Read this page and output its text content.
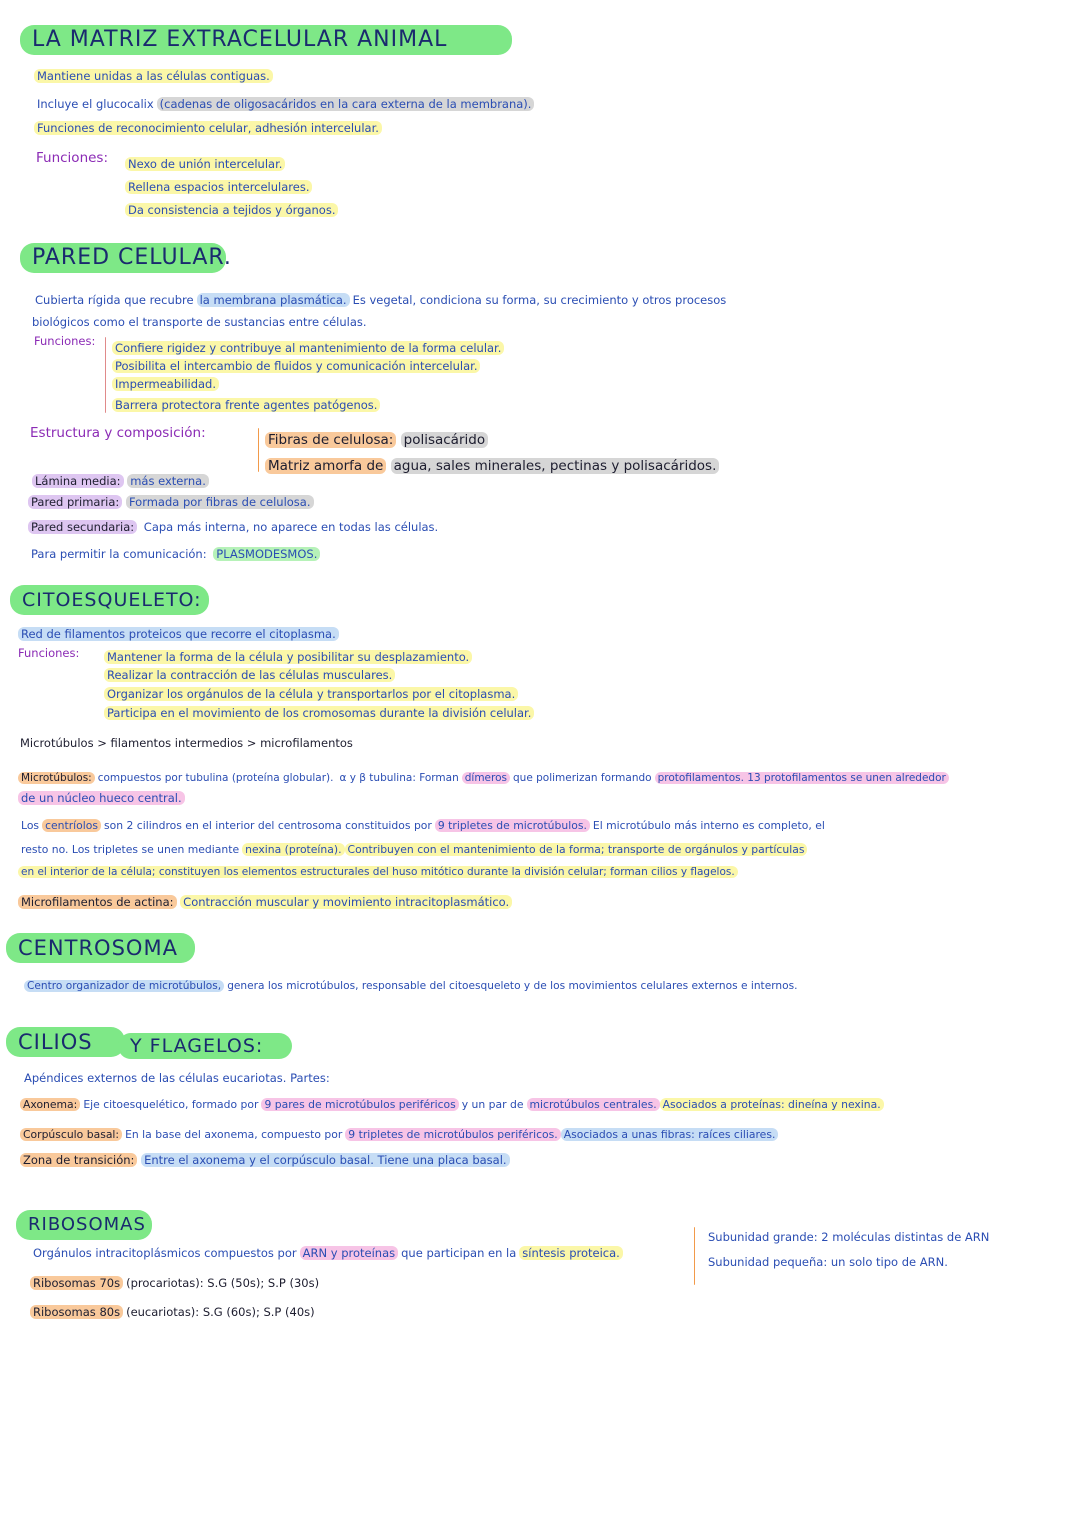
LA MATRIZ EXTRACELULAR ANIMAL
Mantiene unidas a las células contiguas.
Incluye el glucocalix (cadenas de oligosacáridos en la cara externa de la membrana).
Funciones de reconocimiento celular, adhesión intercelular.
Funciones: Nexo de unión intercelular.
Rellena espacios intercelulares.
Da consistencia a tejidos y órganos.
PARED CELULAR.
Cubierta rígida que recubre la membrana plasmática. Es vegetal, condiciona su forma, su crecimiento y otros procesos
biológicos como el transporte de sustancias entre células.
Funciones: Confiere rigidez y contribuye al mantenimiento de la forma celular.
Posibilita el intercambio de fluidos y comunicación intercelular.
Impermeabilidad.
Barrera protectora frente agentes patógenos.
Estructura y composición:	Fibras de celulosa: polisacárido
Matriz amorfa de agua, sales minerales, pectinas y polisacáridos.
Lámina media: más externa.
Pared primaria: Formada por fibras de celulosa.
Pared secundaria: Capa más interna, no aparece en todas las células.
Para permitir la comunicación: PLASMODESMOS.
CITOESQUELETO:
Red de filamentos proteicos que recorre el citoplasma.
Funciones: Mantener la forma de la célula y posibilitar su desplazamiento.
Realizar la contracción de las células musculares.
Organizar los orgánulos de la célula y transportarlos por el citoplasma.
Participa en el movimiento de los cromosomas durante la división celular.
Microtúbulos > filamentos intermedios > microfilamentos
Microtúbulos: compuestos por tubulina (proteína globular). α y β tubulina: Forman dímeros que polimerizan formando protofilamentos. 13 protofilamentos se unen alrededor
de un núcleo hueco central.
Los centríolos son 2 cilindros en el interior del centrosoma constituidos por 9 tripletes de microtúbulos. El microtúbulo más interno es completo, el
resto no. Los tripletes se unen mediante nexina (proteína). Contribuyen con el mantenimiento de la forma; transporte de orgánulos y partículas
en el interior de la célula; constituyen los elementos estructurales del huso mitótico durante la división celular; forman cilios y flagelos.
Microfilamentos de actina: Contracción muscular y movimiento intracitoplasmático.
CENTROSOMA
Centro organizador de microtúbulos, genera los microtúbulos, responsable del citoesqueleto y de los movimientos celulares externos e internos.
CILIOS	Y FLAGELOS:
Apéndices externos de las células eucariotas. Partes:
Axonema: Eje citoesquelético, formado por 9 pares de microtúbulos periféricos y un par de microtúbulos centrales. Asociados a proteínas: dineína y nexina.
Corpúsculo basal: En la base del axonema, compuesto por 9 tripletes de microtúbulos periféricos. Asociados a unas fibras: raíces ciliares.
Zona de transición: Entre el axonema y el corpúsculo basal. Tiene una placa basal.
RIBOSOMAS
Orgánulos intracitoplásmicos compuestos por ARN y proteínas que participan en la síntesis proteica.
Ribosomas 70s (procariotas): S.G (50s); S.P (30s)
Ribosomas 80s (eucariotas): S.G (60s); S.P (40s)
Subunidad grande: 2 moléculas distintas de ARN
Subunidad pequeña: un solo tipo de ARN.
